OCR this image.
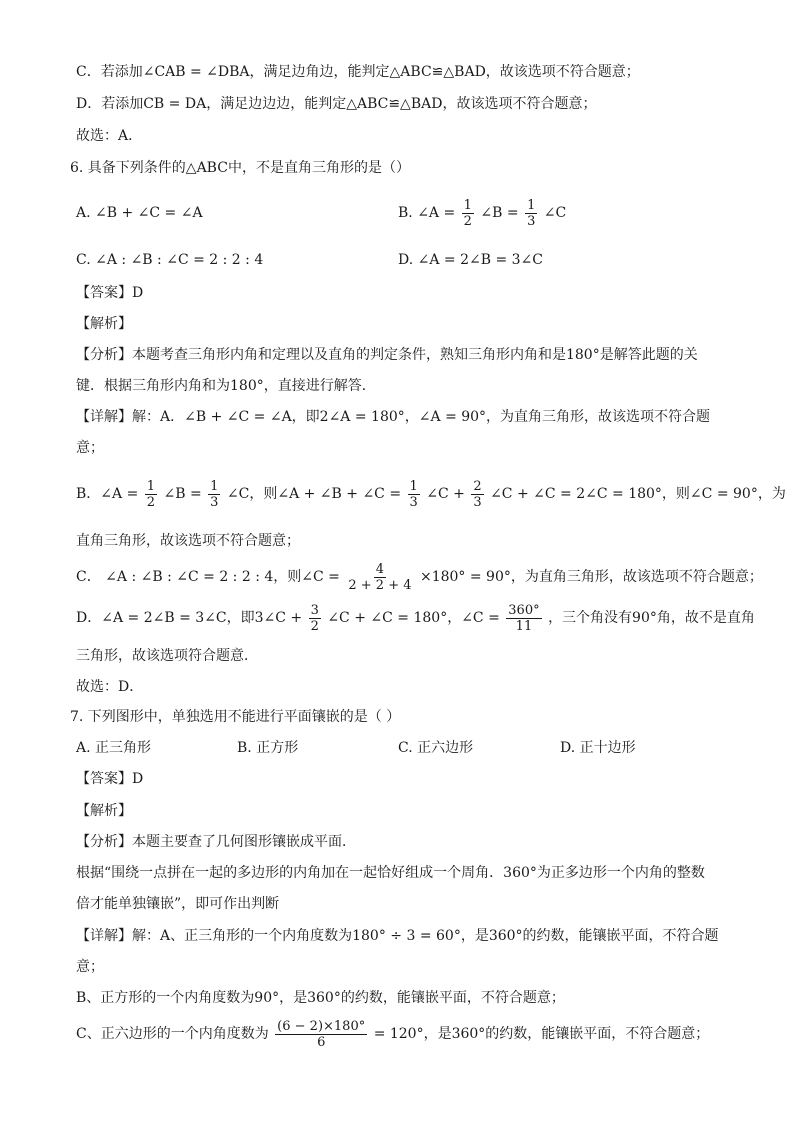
C．若添加∠CAB = ∠DBA，满足边角边，能判定△ABC≌△BAD，故该选项不符合题意；
D．若添加CB = DA，满足边边边，能判定△ABC≌△BAD，故该选项不符合题意；
故选：A．
6. 具备下列条件的△ABC中，不是直角三角形的是（）
A. ∠B + ∠C = ∠A	B. ∠A = $\frac{1}{2}$ ∠B = $\frac{1}{3}$ ∠C
C. ∠A : ∠B : ∠C = 2 : 2 : 4	D. ∠A = 2∠B = 3∠C
【答案】D
【解析】
【分析】本题考查三角形内角和定理以及直角的判定条件，熟知三角形内角和是180°是解答此题的关
键．根据三角形内角和为180°，直接进行解答．
【详解】解：A．∠B + ∠C = ∠A，即2∠A = 180°，∠A = 90°，为直角三角形，故该选项不符合题
意；
B．∠A = $\frac{1}{2}$ ∠B = $\frac{1}{3}$ ∠C，则∠A + ∠B + ∠C = $\frac{1}{3}$ ∠C + $\frac{2}{3}$ ∠C + ∠C = 2∠C = 180°，则∠C = 90°，为
直角三角形，故该选项不符合题意；
C． ∠A : ∠B : ∠C = 2 : 2 : 4，则∠C = $\frac{4}{2 + 2 + 4} \times 180^\circ = 90^\circ$，为直角三角形，故该选项不符合题意；
D．∠A = 2∠B = 3∠C，即3∠C + $\frac{3}{2}$ ∠C + ∠C = 180°，∠C = $\frac{360^\circ}{11}$ ，三个角没有90°角，故不是直角
三角形，故该选项符合题意．
故选：D．
7. 下列图形中，单独选用不能进行平面镶嵌的是（ ）
A. 正三角形	B. 正方形	C. 正六边形	D. 正十边形
【答案】D
【解析】
【分析】本题主要查了几何图形镶嵌成平面．
根据“围绕一点拼在一起的多边形的内角加在一起恰好组成一个周角．360°为正多边形一个内角的整数
倍才能单独镶嵌”，即可作出判断
【详解】解：A、正三角形的一个内角度数为180° ÷ 3 = 60°，是360°的约数，能镶嵌平面，不符合题
意；
B、正方形的一个内角度数为90°，是360°的约数，能镶嵌平面，不符合题意；
C、正六边形的一个内角度数为 $\frac{(6 - 2)\times 180^\circ}{6} = 120^\circ$，是360°的约数，能镶嵌平面，不符合题意；
